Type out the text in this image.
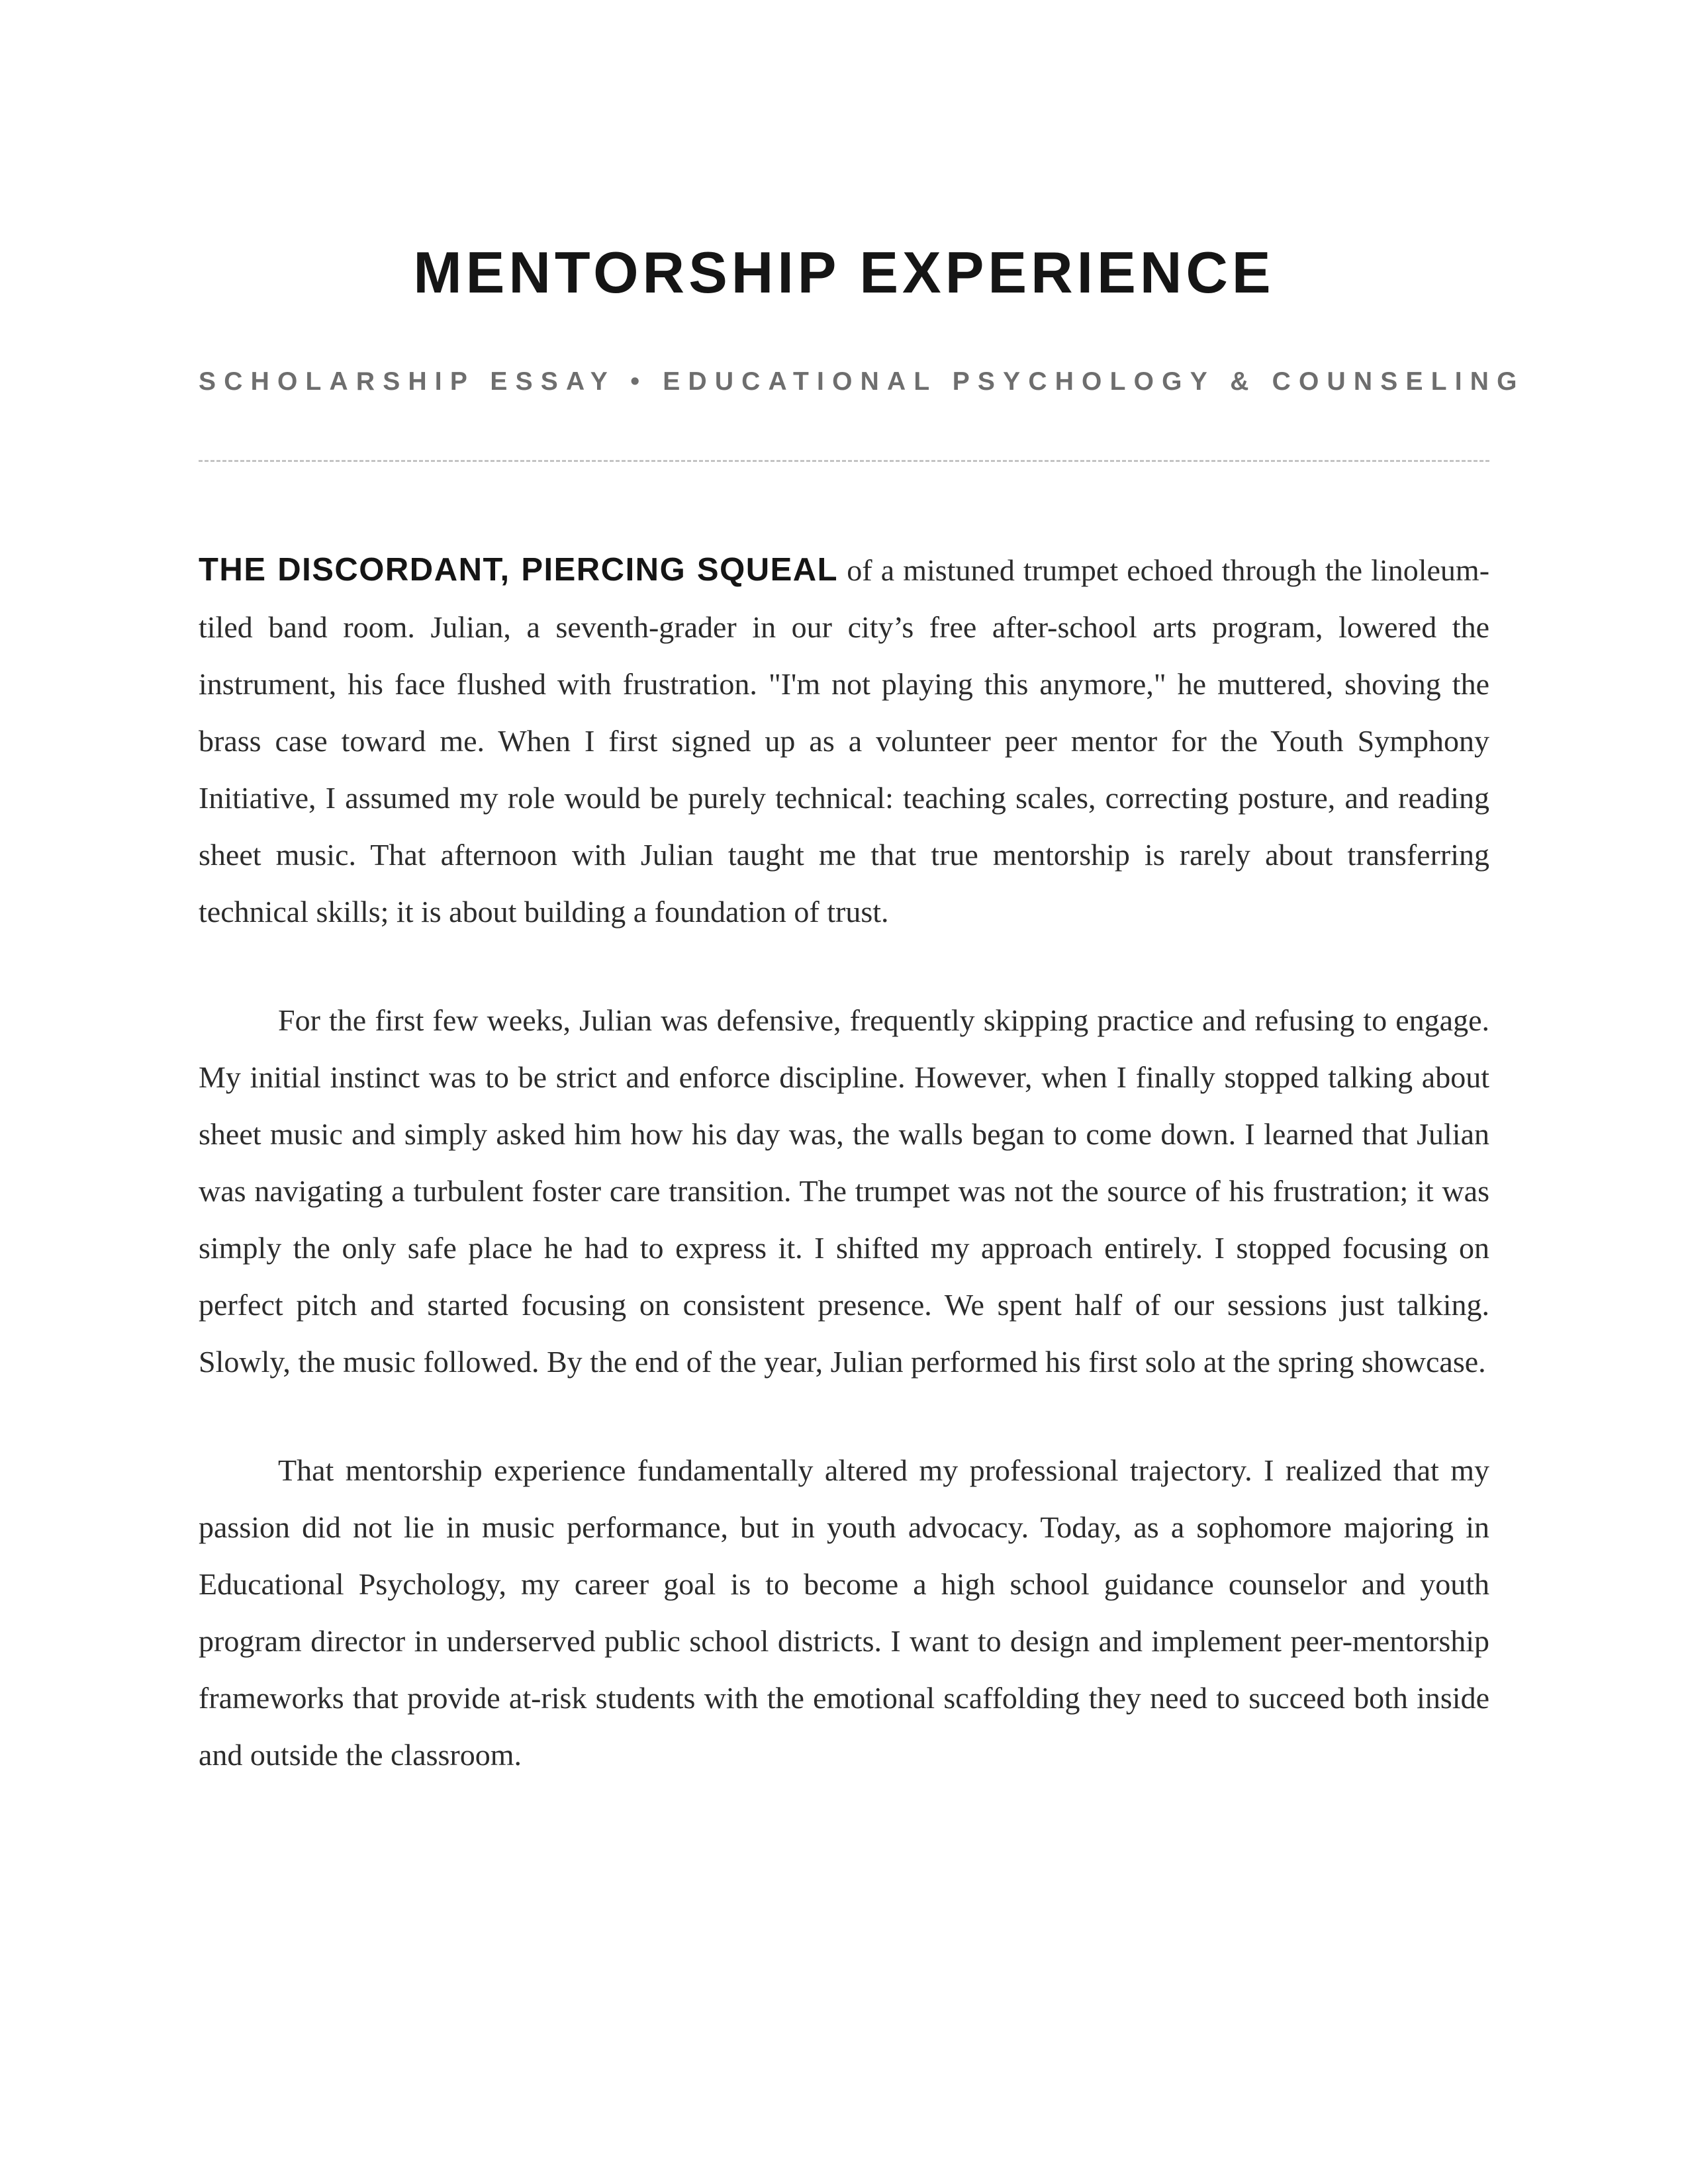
MENTORSHIP EXPERIENCE
SCHOLARSHIP ESSAY • EDUCATIONAL PSYCHOLOGY & COUNSELING

THE DISCORDANT, PIERCING SQUEAL of a mistuned trumpet echoed through the linoleum-tiled band room. Julian, a seventh-grader in our city’s free after-school arts program, lowered the instrument, his face flushed with frustration. "I'm not playing this anymore," he muttered, shoving the brass case toward me. When I first signed up as a volunteer peer mentor for the Youth Symphony Initiative, I assumed my role would be purely technical: teaching scales, correcting posture, and reading sheet music. That afternoon with Julian taught me that true mentorship is rarely about transferring technical skills; it is about building a foundation of trust.

For the first few weeks, Julian was defensive, frequently skipping practice and refusing to engage. My initial instinct was to be strict and enforce discipline. However, when I finally stopped talking about sheet music and simply asked him how his day was, the walls began to come down. I learned that Julian was navigating a turbulent foster care transition. The trumpet was not the source of his frustration; it was simply the only safe place he had to express it. I shifted my approach entirely. I stopped focusing on perfect pitch and started focusing on consistent presence. We spent half of our sessions just talking. Slowly, the music followed. By the end of the year, Julian performed his first solo at the spring showcase.

That mentorship experience fundamentally altered my professional trajectory. I realized that my passion did not lie in music performance, but in youth advocacy. Today, as a sophomore majoring in Educational Psychology, my career goal is to become a high school guidance counselor and youth program director in underserved public school districts. I want to design and implement peer-mentorship frameworks that provide at-risk students with the emotional scaffolding they need to succeed both inside and outside the classroom.
